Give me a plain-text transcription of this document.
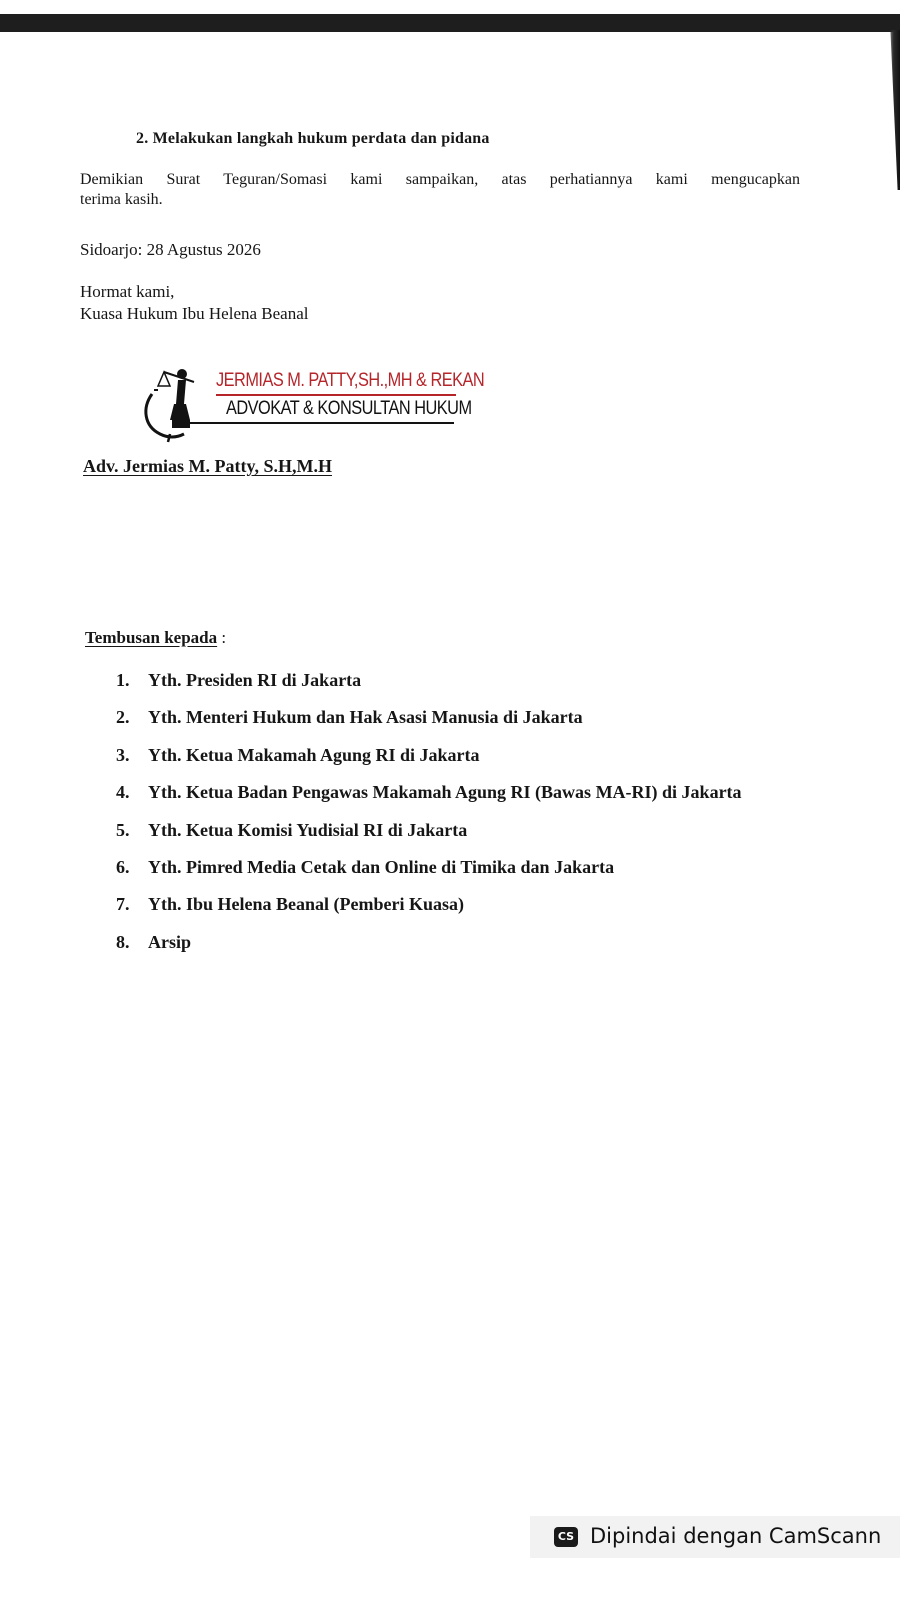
2. Melakukan langkah hukum perdata dan pidana
Demikian Surat Teguran/Somasi kami sampaikan, atas perhatiannya kami mengucapkan
terima kasih.
Sidoarjo: 28 Agustus 2026
Hormat kami,
Kuasa Hukum Ibu Helena Beanal
JERMIAS M. PATTY,SH.,MH & REKAN
ADVOKAT & KONSULTAN HUKUM
Adv. Jermias M. Patty, S.H,M.H
Tembusan kepada :
1. Yth. Presiden RI di Jakarta
2. Yth. Menteri Hukum dan Hak Asasi Manusia di Jakarta
3. Yth. Ketua Makamah Agung RI di Jakarta
4. Yth. Ketua Badan Pengawas Makamah Agung RI (Bawas MA-RI) di Jakarta
5. Yth. Ketua Komisi Yudisial RI di Jakarta
6. Yth. Pimred Media Cetak dan Online di Timika dan Jakarta
7. Yth. Ibu Helena Beanal (Pemberi Kuasa)
8. Arsip
CS Dipindai dengan CamScann
